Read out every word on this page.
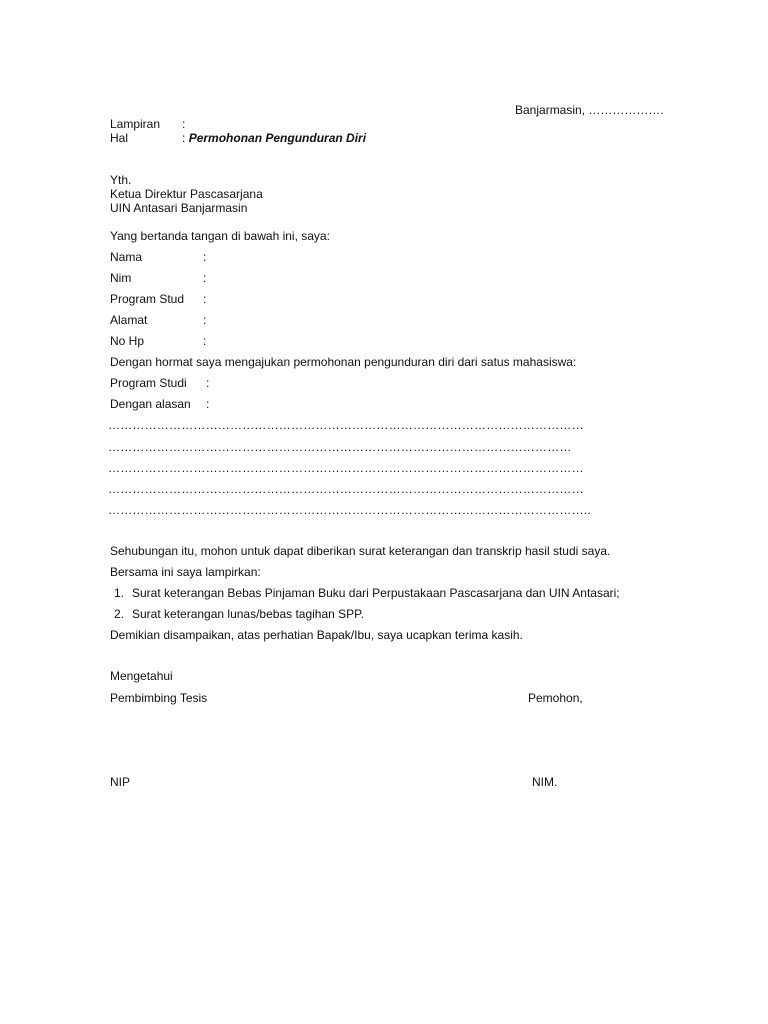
Banjarmasin, ……………….
Lampiran :
Hal	: Permohonan Pengunduran Diri
Yth.
Ketua Direktur Pascasarjana
UIN Antasari Banjarmasin
Yang bertanda tangan di bawah ini, saya:
Nama	:
Nim	:
Program Stud :
Alamat	:
No Hp	:
Dengan hormat saya mengajukan permohonan pengunduran diri dari satus mahasiswa:
Program Studi :
Dengan alasan :
………………………………………………………………………………………………………
……………………………………………………………………………………………………
………………………………………………………………………………………………………
………………………………………………………………………………………………………
………………………………………………………………………………………………………..
Sehubungan itu, mohon untuk dapat diberikan surat keterangan dan transkrip hasil studi saya.
Bersama ini saya lampirkan:
1. Surat keterangan Bebas Pinjaman Buku dari Perpustakaan Pascasarjana dan UIN Antasari;
2. Surat keterangan lunas/bebas tagihan SPP.
Demikian disampaikan, atas perhatian Bapak/Ibu, saya ucapkan terima kasih.
Mengetahui
Pembimbing Tesis	Pemohon,
NIP	NIM.
